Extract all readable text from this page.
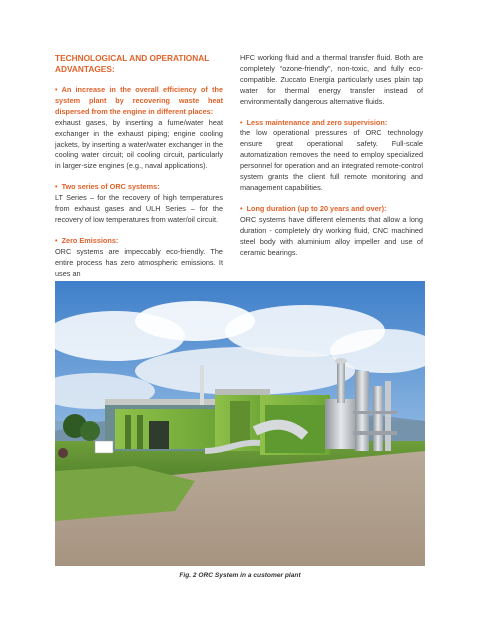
TECHNOLOGICAL AND OPERATIONAL ADVANTAGES:
• An increase in the overall efficiency of the system plant by recovering waste heat dispersed from the engine in different places:

exhaust gases, by inserting a fume/water heat exchanger in the exhaust piping; engine cooling jackets, by inserting a water/water exchanger in the cooling water circuit; oil cooling circuit, particularly in larger-size engines (e.g., naval applications).

• Two series of ORC systems:

LT Series – for the recovery of high temperatures from exhaust gases and ULH Series – for the recovery of low temperatures from water/oil circuit.

• Zero Emissions:

ORC systems are impeccably eco-friendly. The entire process has zero atmospheric emissions. It uses an

HFC working fluid and a thermal transfer fluid. Both are completely “ozone-friendly”, non-toxic, and fully eco-compatible. Zuccato Energia particularly uses plain tap water for thermal energy transfer instead of environmentally dangerous alternative fluids.

• Less maintenance and zero supervision:

the low operational pressures of ORC technology ensure great operational safety. Full-scale automatization removes the need to employ specialized personnel for operation and an integrated remote-control system grants the client full remote monitoring and management capabilities.

• Long duration (up to 20 years and over):

ORC systems have different elements that allow a long duration - completely dry working fluid, CNC machined steel body with aluminium alloy impeller and use of ceramic bearings.

Fig. 2 ORC System in a customer plant
